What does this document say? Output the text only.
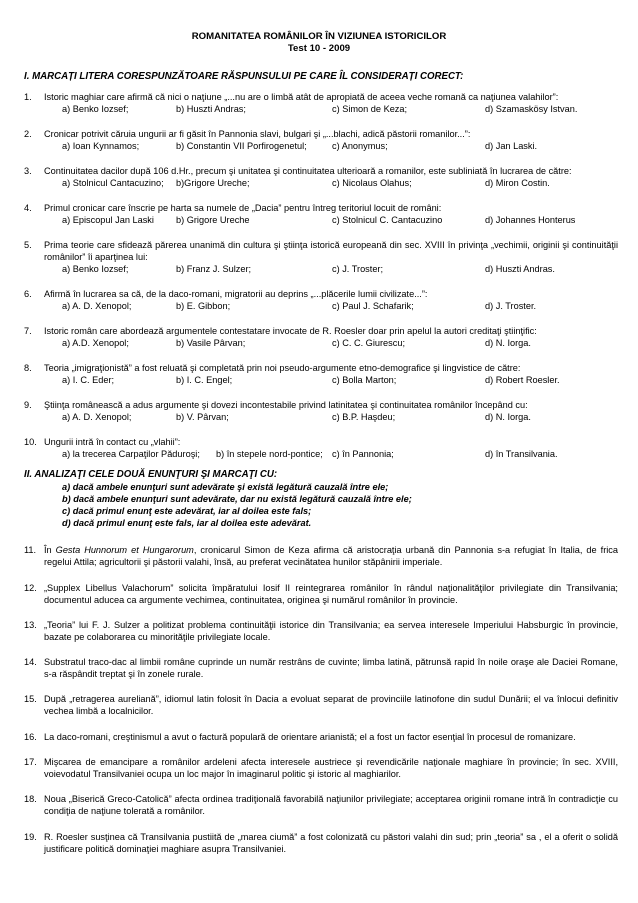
ROMANITATEA ROMÂNILOR ÎN VIZIUNEA ISTORICILOR
Test 10 - 2009
I. MARCAȚI LITERA CORESPUNZĂTOARE RĂSPUNSULUI PE CARE ÎL CONSIDERAȚI CORECT:
1. Istoric maghiar care afirmă că nici o naţiune „...nu are o limbă atât de apropiată de aceea veche romană ca naţiunea valahilor”:
a) Benko Iozsef;	b) Huszti Andras;	c) Simon de Keza;	d) Szamaskösy Istvan.
2. Cronicar potrivit căruia ungurii ar fi găsit în Pannonia slavi, bulgari şi „...blachi, adică păstorii romanilor...”:
a) Ioan Kynnamos;	b) Constantin VII Porfirogenetul;	c) Anonymus;	d) Jan Laski.
3. Continuitatea dacilor după 106 d.Hr., precum şi unitatea şi continuitatea ulterioară a romanilor, este subliniată în lucrarea de către:
a) Stolnicul Cantacuzino; b)Grigore Ureche;	c) Nicolaus Olahus;	d) Miron Costin.
4. Primul cronicar care înscrie pe harta sa numele de „Dacia” pentru întreg teritoriul locuit de români:
a) Episcopul Jan Laski b) Grigore Ureche	c) Stolnicul C. Cantacuzino	d) Johannes Honterus
5. Prima teorie care sfidează părerea unanimă din cultura şi ştiinţa istorică europeană din sec. XVIII în privinţa „vechimii, originii şi continuităţii românilor” îi aparţinea lui:
a) Benko Iozsef;	b) Franz J. Sulzer;	c) J. Troster;	d) Huszti Andras.
6. Afirmă în lucrarea sa că, de la daco-romani, migratorii au deprins „...plăcerile lumii civilizate...”:
a) A. D. Xenopol;	b) E. Gibbon;	c) Paul J. Schafarik;	d) J. Troster.
7. Istoric român care abordează argumentele contestatare invocate de R. Roesler doar prin apelul la autori creditaţi ştiinţific:
a) A.D. Xenopol;	b) Vasile Pârvan;	c) C. C. Giurescu;	d) N. Iorga.
8. Teoria „imigraţionistă” a fost reluată şi completată prin noi pseudo-argumente etno-demografice şi lingvistice de către:
a) I. C. Eder;	b) I. C. Engel;	c) Bolla Marton;	d) Robert Roesler.
9. Ştiinţa românească a adus argumente şi dovezi incontestabile privind latinitatea şi continuitatea românilor începând cu:
a) A. D. Xenopol;	b) V. Pârvan;	c) B.P. Haşdeu;	d) N. Iorga.
10. Ungurii intră în contact cu „vlahii”:
a) la trecerea Carpaţilor Păduroşi; b) în stepele nord-pontice; c) în Pannonia;	d) în Transilvania.
II. ANALIZAŢI CELE DOUĂ ENUNŢURI ŞI MARCAŢI CU:
a) dacă ambele enunţuri sunt adevărate şi există legătură cauzală între ele;
b) dacă ambele enunţuri sunt adevărate, dar nu există legătură cauzală între ele;
c) dacă primul enunţ este adevărat, iar al doilea este fals;
d) dacă primul enunţ este fals, iar al doilea este adevărat.
11. În Gesta Hunnorum et Hungarorum, cronicarul Simon de Keza afirma că aristocraţia urbană din Pannonia s-a refugiat în Italia, de frica regelui Attila; agricultorii şi păstorii valahi, însă, au preferat vecinătatea hunilor stăpânirii imperiale.
12. „Supplex Libellus Valachorum” solicita împăratului Iosif II reintegrarea românilor în rândul naţionalităţilor privilegiate din Transilvania; documentul aducea ca argumente vechimea, continuitatea, originea şi numărul românilor în provincie.
13. „Teoria” lui F. J. Sulzer a politizat problema continuităţii istorice din Transilvania; ea servea interesele Imperiului Habsburgic în provincie, bazate pe colaborarea cu minorităţile privilegiate locale.
14. Substratul traco-dac al limbii române cuprinde un număr restrâns de cuvinte; limba latină, pătrunsă rapid în noile oraşe ale Daciei Romane, s-a răspândit treptat şi în zonele rurale.
15. După „retragerea aureliană”, idiomul latin folosit în Dacia a evoluat separat de provinciile latinofone din sudul Dunării; el va înlocui definitiv vechea limbă a localnicilor.
16. La daco-romani, creştinismul a avut o factură populară de orientare arianistă; el a fost un factor esenţial în procesul de romanizare.
17. Mişcarea de emancipare a românilor ardeleni afecta interesele austriece şi revendicările naţionale maghiare în provincie; în sec. XVIII, voievodatul Transilvaniei ocupa un loc major în imaginarul politic şi istoric al maghiarilor.
18. Noua „Biserică Greco-Catolică” afecta ordinea tradiţională favorabilă naţiunilor privilegiate; acceptarea originii romane intră în contradicţie cu condiţia de naţiune tolerată a românilor.
19. R. Roesler susţinea că Transilvania pustiită de „marea ciumă” a fost colonizată cu păstori valahi din sud; prin „teoria” sa , el a oferit o solidă justificare politică dominaţiei maghiare asupra Transilvaniei.
